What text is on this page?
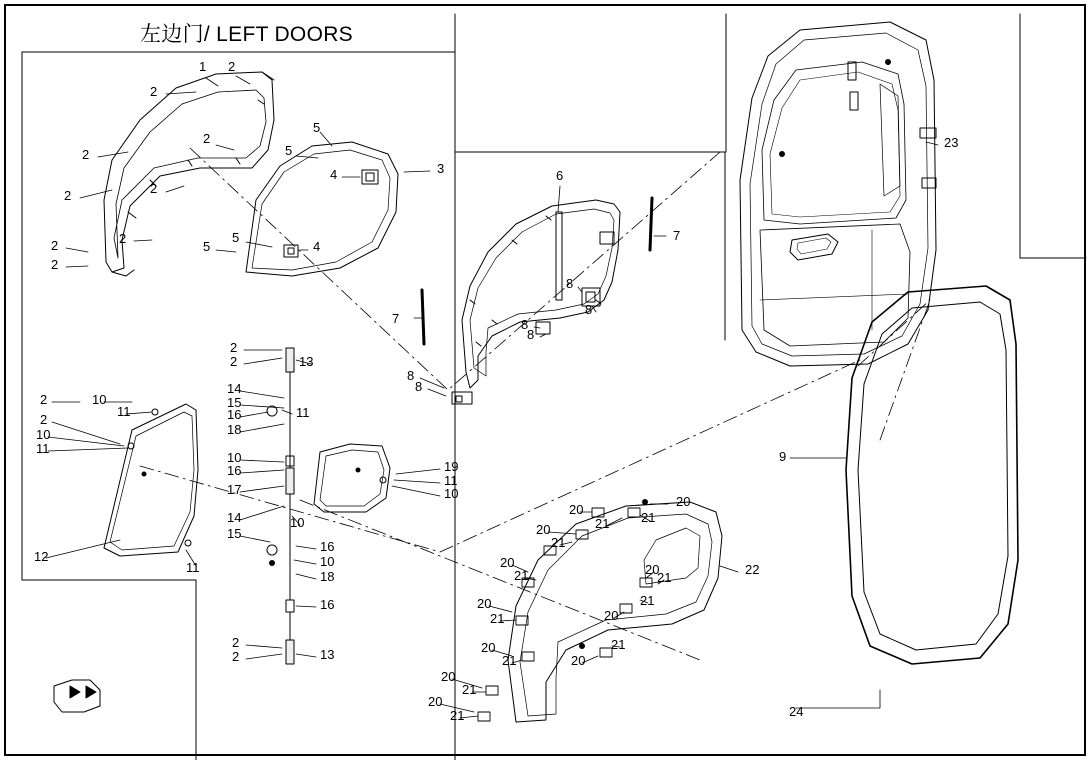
左边门/ LEFT DOORS
1 2
2
2
2
2
2
2
2
2
5
5
4	3
5
5	4
6
7
8
8
8
8
7
8
8
23
9
2
2	13
14
15
16
18
11
2	10
11
2
10
11
10
16
17
19
11
10
14
15
10
16
10
18
12
11
16
2
2	13
20
20
20	21 21
21
20
21	20
21
22
20
21	20
21
20
21	20
21
20
21
20
21	24
